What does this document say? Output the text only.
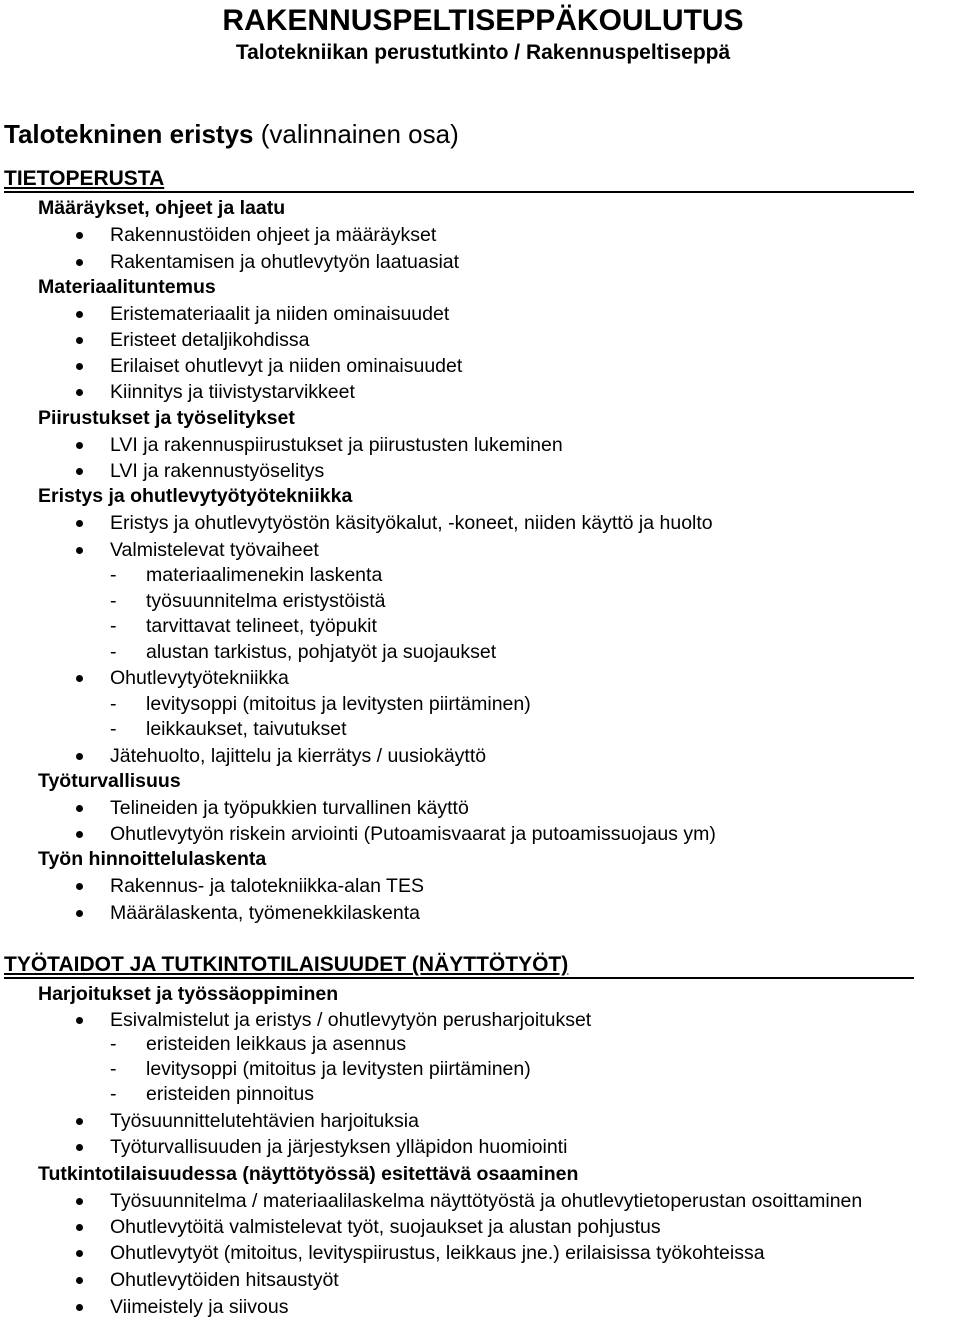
RAKENNUSPELTISEPPÄKOULUTUS
Talotekniikan perustutkinto / Rakennuspeltiseppä
Talotekninen eristys (valinnainen osa)
TIETOPERUSTA
Määräykset, ohjeet ja laatu
Rakennustöiden ohjeet ja määräykset
Rakentamisen ja ohutlevytyön laatuasiat
Materiaalituntemus
Eristemateriaalit ja niiden ominaisuudet
Eristeet detaljikohdissa
Erilaiset ohutlevyt ja niiden ominaisuudet
Kiinnitys ja tiivistystarvikkeet
Piirustukset ja työselitykset
LVI ja rakennuspiirustukset ja piirustusten lukeminen
LVI ja rakennustyöselitys
Eristys ja ohutlevytyötyötekniikka
Eristys ja ohutlevytyöstön käsityökalut, -koneet, niiden käyttö ja huolto
Valmistelevat työvaiheet
- materiaalimenekin laskenta
- työsuunnitelma eristystöistä
- tarvittavat telineet, työpukit
- alustan tarkistus, pohjatyöt ja suojaukset
Ohutlevytyötekniikka
- levitysoppi (mitoitus ja levitysten piirtäminen)
- leikkaukset, taivutukset
Jätehuolto, lajittelu ja kierrätys / uusiokäyttö
Työturvallisuus
Telineiden ja työpukkien turvallinen käyttö
Ohutlevytyön riskein arviointi (Putoamisvaarat ja putoamissuojaus ym)
Työn hinnoittelulaskenta
Rakennus- ja talotekniikka-alan TES
Määrälaskenta, työmenekkilaskenta
TYÖTAIDOT JA TUTKINTOTILAISUUDET (NÄYTTÖTYÖT)
Harjoitukset ja työssäoppiminen
Esivalmistelut ja eristys / ohutlevytyön perusharjoitukset
- eristeiden leikkaus ja asennus
- levitysoppi (mitoitus ja levitysten piirtäminen)
- eristeiden pinnoitus
Työsuunnittelutehtävien harjoituksia
Työturvallisuuden ja järjestyksen ylläpidon huomiointi
Tutkintotilaisuudessa (näyttötyössä) esitettävä osaaminen
Työsuunnitelma / materiaalilaskelma näyttötyöstä ja ohutlevytietoperustan osoittaminen
Ohutlevytöitä valmistelevat työt, suojaukset ja alustan pohjustus
Ohutlevytyöt (mitoitus, levityspiirustus, leikkaus jne.) erilaisissa työkohteissa
Ohutlevytöiden hitsaustyöt
Viimeistely ja siivous
